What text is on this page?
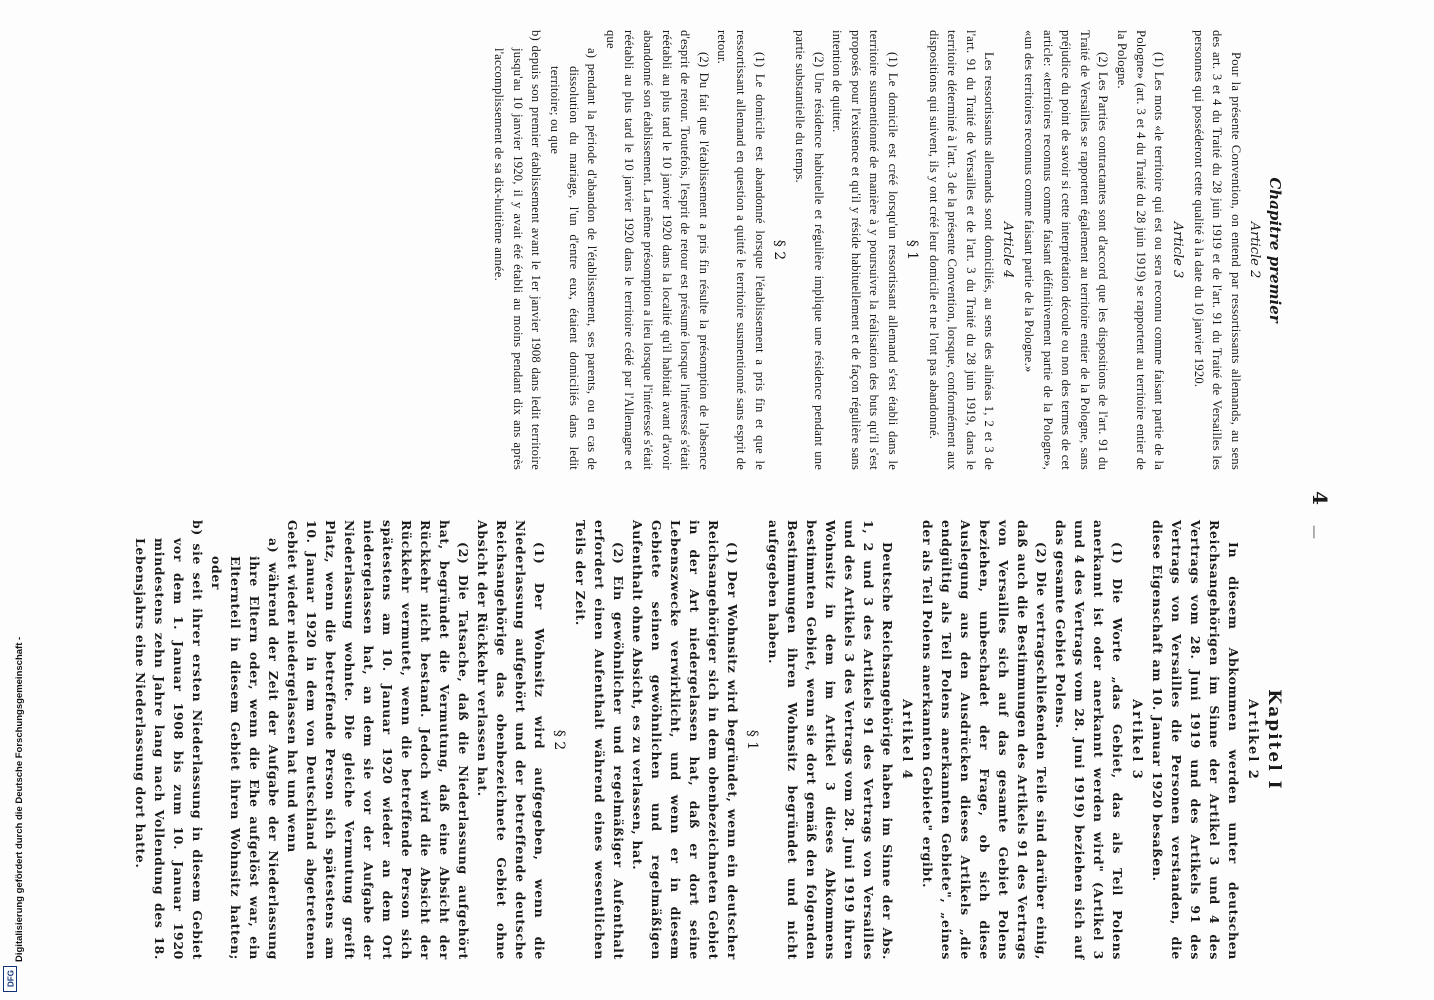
4
—
Chapitre premier
Article 2

Pour la présente Convention, on entend par ressortissants allemands, au sens des art. 3 et 4 du Traité du 28 juin 1919 et de l'art. 91 du Traité de Versailles les personnes qui posséderont cette qualité à la date du 10 janvier 1920.

Article 3

(1) Les mots «le territoire qui est ou sera reconnu comme faisant partie de la Pologne» (art. 3 et 4 du Traité du 28 juin 1919) se rapportent au territoire entier de la Pologne.

(2) Les Parties contractantes sont d'accord que les dispositions de l'art. 91 du Traité de Versailles se rapportent également au territoire entier de la Pologne, sans préjudice du point de savoir si cette interprétation découle ou non des termes de cet article: «territoires reconnus comme faisant définitivement partie de la Pologne», «un des territoires reconnus comme faisant partie de la Pologne.»

Article 4

Les ressortissants allemands sont domiciliés, au sens des alinéas 1, 2 et 3 de l'art. 91 du Traité de Versailles et de l'art. 3 du Traité du 28 juin 1919, dans le territoire déterminé à l'art. 3 de la présente Convention, lorsque, conformément aux dispositions qui suivent, ils y ont créé leur domicile et ne l'ont pas abandonné.

§ 1

(1) Le domicile est créé lorsqu'un ressortissant allemand s'est établi dans le territoire susmentionné de manière à y poursuivre la réalisation des buts qu'il s'est proposés pour l'existence et qu'il y réside habituellement et de façon régulière sans intention de quitter.

(2) Une résidence habituelle et régulière implique une résidence pendant une partie substantielle du temps.

§ 2

(1) Le domicile est abandonné lorsque l'établissement a pris fin et que le ressortissant allemand en question a quitté le territoire susmentionné sans esprit de retour.

(2) Du fait que l'établissement a pris fin résulte la présomption de l'absence d'esprit de retour. Toutefois, l'esprit de retour est présumé lorsque l'intéressé s'était réétabli au plus tard le 10 janvier 1920 dans la localité qu'il habitait avant d'avoir abandonné son établissement. La même présomption a lieu lorsque l'intéressé s'était réétabli au plus tard le 10 janvier 1920 dans le territoire cédé par l'Allemagne et que

a) pendant la période d'abandon de l'établissement, ses parents, ou en cas de dissolution du mariage, l'un d'entre eux, étaient domiciliés dans ledit territoire; ou que

b) depuis son premier établissement avant le 1er janvier 1908 dans ledit territoire jusqu'au 10 janvier 1920, il y avait été établi au moins pendant dix ans après l'accomplissement de sa dix-huitième année.

Kapitel I
Artikel 2

In diesem Abkommen werden unter deutschen Reichsangehörigen im Sinne der Artikel 3 und 4 des Vertrags vom 28. Juni 1919 und des Artikels 91 des Vertrags von Versailles die Personen verstanden, die diese Eigenschaft am 10. Januar 1920 besaßen.

Artikel 3

(1) Die Worte „das Gebiet, das als Teil Polens anerkannt ist oder anerkannt werden wird" (Artikel 3 und 4 des Vertrags vom 28. Juni 1919) beziehen sich auf das gesamte Gebiet Polens.

(2) Die vertragschließenden Teile sind darüber einig, daß auch die Bestimmungen des Artikels 91 des Vertrags von Versailles sich auf das gesamte Gebiet Polens beziehen, unbeschadet der Frage, ob sich diese Auslegung aus den Ausdrücken dieses Artikels „die endgültig als Teil Polens anerkannten Gebiete", „eines der als Teil Polens anerkannten Gebiete" ergibt.

Artikel 4

Deutsche Reichsangehörige haben im Sinne der Abs. 1, 2 und 3 des Artikels 91 des Vertrags von Versailles und des Artikels 3 des Vertrags vom 28. Juni 1919 ihren Wohnsitz in dem im Artikel 3 dieses Abkommens bestimmten Gebiet, wenn sie dort gemäß den folgenden Bestimmungen ihren Wohnsitz begründet und nicht aufgegeben haben.

§ 1

(1) Der Wohnsitz wird begründet, wenn ein deutscher Reichsangehöriger sich in dem obenbezeichneten Gebiet in der Art niedergelassen hat, daß er dort seine Lebenszwecke verwirklicht, und wenn er in diesem Gebiete seinen gewöhnlichen und regelmäßigen Aufenthalt ohne Absicht, es zu verlassen, hat.

(2) Ein gewöhnlicher und regelmäßiger Aufenthalt erfordert einen Aufenthalt während eines wesentlichen Teils der Zeit.

§ 2

(1) Der Wohnsitz wird aufgegeben, wenn die Niederlassung aufgehört und der betreffende deutsche Reichsangehörige das obenbezeichnete Gebiet ohne Absicht der Rückkehr verlassen hat.

(2) Die Tatsache, daß die Niederlassung aufgehört hat, begründet die Vermutung, daß eine Absicht der Rückkehr nicht bestand. Jedoch wird die Absicht der Rückkehr vermutet, wenn die betreffende Person sich spätestens am 10. Januar 1920 wieder an dem Ort niedergelassen hat, an dem sie vor der Aufgabe der Niederlassung wohnte. Die gleiche Vermutung greift Platz, wenn die betreffende Person sich spätestens am 10. Januar 1920 in dem von Deutschland abgetretenen Gebiet wieder niedergelassen hat und wenn

a) während der Zeit der Aufgabe der Niederlassung ihre Eltern oder, wenn die Ehe aufgelöst war, ein Elternteil in diesem Gebiet ihren Wohnsitz hatten; oder

b) sie seit ihrer ersten Niederlassung in diesem Gebiet vor dem 1. Januar 1908 bis zum 10. Januar 1920 mindestens zehn Jahre lang nach Vollendung des 18. Lebensjahrs eine Niederlassung dort hatte.

Digitalisierung gefördert durch die Deutsche Forschungsgemeinschaft -
DFG
